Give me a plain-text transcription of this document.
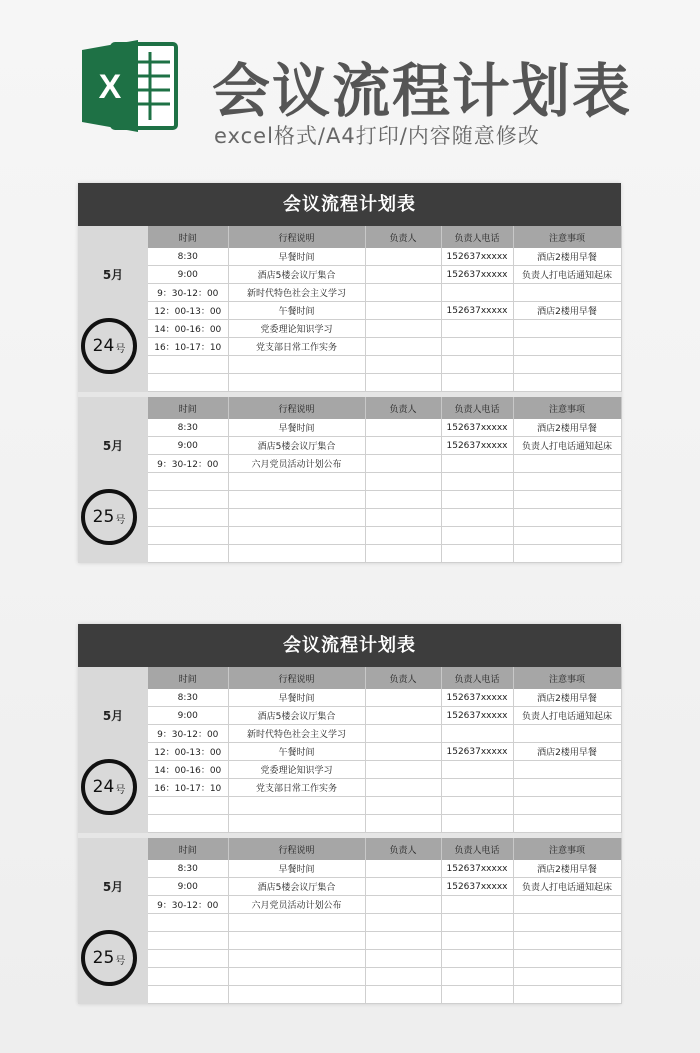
X 会议流程计划表
excel格式/A4打印/内容随意修改
会议流程计划表
5月
24 号
时间	行程说明	负责人	负责人电话	注意事项
8:30	早餐时间		152637xxxxx	酒店2楼用早餐
9:00	酒店5楼会议厅集合		152637xxxxx	负责人打电话通知起床
9：30-12：00	新时代特色社会主义学习			
12：00-13：00	午餐时间		152637xxxxx	酒店2楼用早餐
14：00-16：00	党委理论知识学习			
16：10-17：10	党支部日常工作实务			

5月
25 号
时间	行程说明	负责人	负责人电话	注意事项
8:30	早餐时间		152637xxxxx	酒店2楼用早餐
9:00	酒店5楼会议厅集合		152637xxxxx	负责人打电话通知起床
9：30-12：00	六月党员活动计划公布			

会议流程计划表
5月
24 号
时间	行程说明	负责人	负责人电话	注意事项
8:30	早餐时间		152637xxxxx	酒店2楼用早餐
9:00	酒店5楼会议厅集合		152637xxxxx	负责人打电话通知起床
9：30-12：00	新时代特色社会主义学习			
12：00-13：00	午餐时间		152637xxxxx	酒店2楼用早餐
14：00-16：00	党委理论知识学习			
16：10-17：10	党支部日常工作实务			

5月
25 号
时间	行程说明	负责人	负责人电话	注意事项
8:30	早餐时间		152637xxxxx	酒店2楼用早餐
9:00	酒店5楼会议厅集合		152637xxxxx	负责人打电话通知起床
9：30-12：00	六月党员活动计划公布			
